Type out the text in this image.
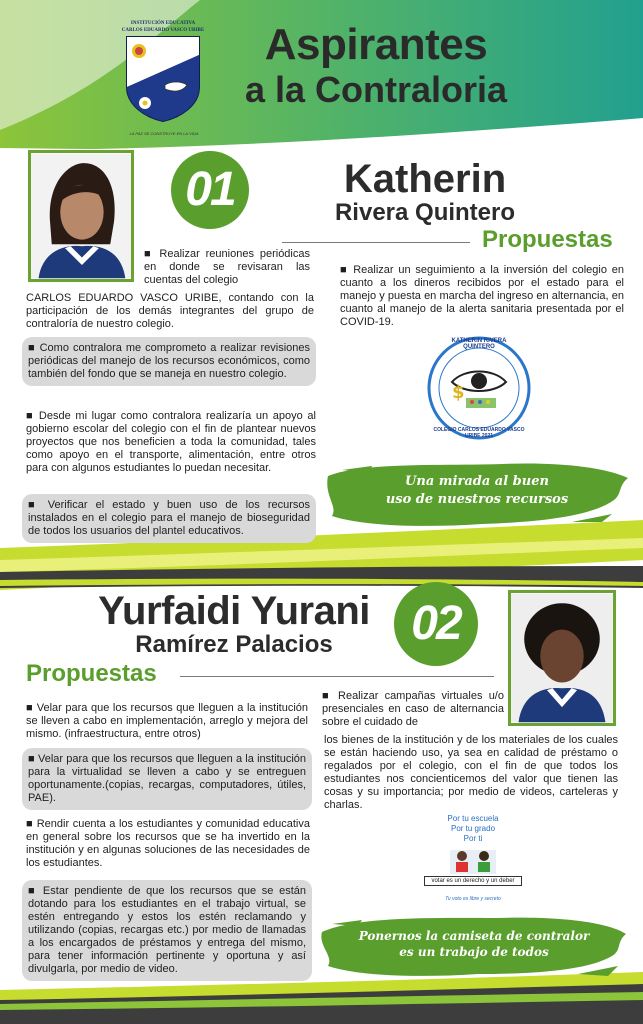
INSTITUCIÓN EDUCATIVA
CARLOS EDUARDO VASCO URIBE
LA PAZ SE CONSTRUYE EN LA VIDA
Aspirantes
a la Contraloria
01	Katherin
Rivera Quintero
Propuestas
■ Realizar reuniones periódicas en donde se revisaran las cuentas del colegio
CARLOS EDUARDO VASCO URIBE, contando con la participación de los demás integrantes del grupo de contraloría de nuestro colegio.
■ Como contralora me comprometo a realizar revisiones periódicas del manejo de los recursos económicos, como también del fondo que se maneja en nuestro colegio.
■ Desde mi lugar como contralora realizaría un apoyo al gobierno escolar del colegio con el fin de plantear nuevos proyectos que nos beneficien a toda la comunidad, tales como apoyo en el transporte, alimentación, entre otros para con algunos estudiantes lo puedan necesitar.
■ Verificar el estado y buen uso de los recursos instalados en el colegio para el manejo de bioseguridad de todos los usuarios del plantel educativos.
■ Realizar un seguimiento a la inversión del colegio en cuanto a los dineros recibidos por el estado para el manejo y puesta en marcha del ingreso en alternancia, en cuanto al manejo de la alerta sanitaria presentada por el COVID-19.
$
KATHERIN RIVERA QUINTERO
COLEGIO CARLOS EDUARDO VASCO URIBE 2021
Una mirada al buen
uso de nuestros recursos
Yurfaidi Yurani
Ramírez Palacios	02
Propuestas
■ Velar para que los recursos que lleguen a la institución se lleven a cabo en implementación, arreglo y mejora del mismo. (infraestructura, entre otros)
■ Velar para que los recursos que lleguen a la institución para la virtualidad se lleven a cabo y se entreguen oportunamente.(copias, recargas, computadores, útiles, PAE).
■ Rendir cuenta a los estudiantes y comunidad educativa en general sobre los recursos que se ha invertido en la institución y en algunas soluciones de las necesidades de los estudiantes.
■ Estar pendiente de que los recursos que se están dotando para los estudiantes en el trabajo virtual, se estén entregando y estos los estén reclamando y utilizando (copias, recargas etc.) por medio de llamadas a los encargados de préstamos y entrega del mismo, para tener información pertinente y oportuna y así divulgarla, por medio de video.
■ Realizar campañas virtuales u/o presenciales en caso de alternancia sobre el cuidado de
los bienes de la institución y de los materiales de los cuales se están haciendo uso, ya sea en calidad de préstamo o regalados por el colegio, con el fin de que todos los estudiantes nos concienticemos del valor que tienen las cosas y su importancia; por medio de videos, carteleras y charlas.
Por tu escuela
Por tu grado
Por ti
votar es un derecho y un deber
Tu voto es libre y secreto
Ponernos la camiseta de contralor
es un trabajo de todos
